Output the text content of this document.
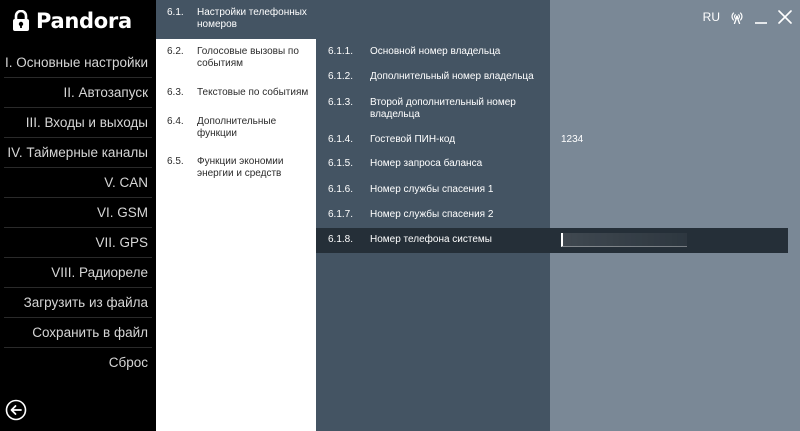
Pandora
I. Основные настройки
II. Автозапуск
III. Входы и выходы
IV. Таймерные каналы
V. CAN
VI. GSM
VII. GPS
VIII. Радиореле
Загрузить из файла
Сохранить в файл
Сброс
6.1. Настройки телефонных номеров
6.2. Голосовые вызовы по событиям
6.3. Текстовые по событиям
6.4. Дополнительные функции
6.5. Функции экономии энергии и средств
6.1.1. Основной номер владельца
6.1.2. Дополнительный номер владельца
6.1.3. Второй дополнительный номер владельца
6.1.4. Гостевой ПИН-код	1234
6.1.5. Номер запроса баланса
6.1.6. Номер службы спасения 1
6.1.7. Номер службы спасения 2
6.1.8. Номер телефона системы
RU
